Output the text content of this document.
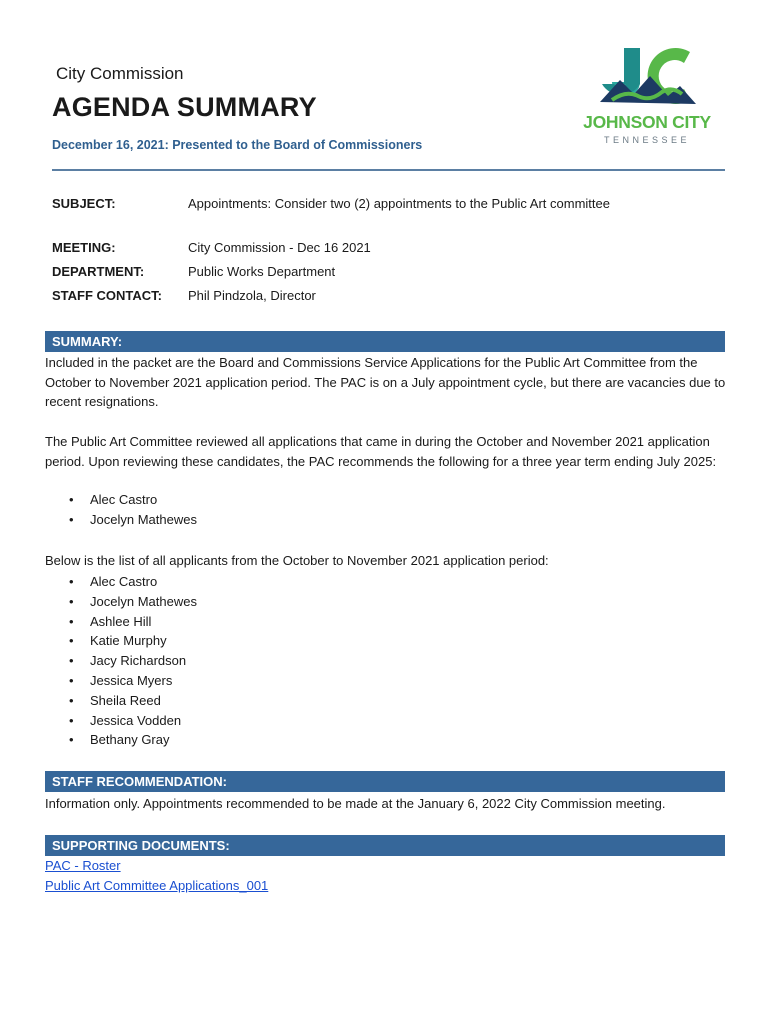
City Commission
AGENDA SUMMARY
December 16, 2021: Presented to the Board of Commissioners
JOHNSON CITY
TENNESSEE
SUBJECT:	Appointments: Consider two (2) appointments to the Public Art committee
MEETING:	City Commission - Dec 16 2021
DEPARTMENT:	Public Works Department
STAFF CONTACT: Phil Pindzola, Director
SUMMARY:
Included in the packet are the Board and Commissions Service Applications for the Public Art Committee from the October to November 2021 application period. The PAC is on a July appointment cycle, but there are vacancies due to recent resignations.
The Public Art Committee reviewed all applications that came in during the October and November 2021 application period. Upon reviewing these candidates, the PAC recommends the following for a three year term ending July 2025:
• Alec Castro
• Jocelyn Mathewes
Below is the list of all applicants from the October to November 2021 application period:
• Alec Castro
• Jocelyn Mathewes
• Ashlee Hill
• Katie Murphy
• Jacy Richardson
• Jessica Myers
• Sheila Reed
• Jessica Vodden
• Bethany Gray
STAFF RECOMMENDATION:
Information only. Appointments recommended to be made at the January 6, 2022 City Commission meeting.
SUPPORTING DOCUMENTS:
PAC - Roster
Public Art Committee Applications_001
